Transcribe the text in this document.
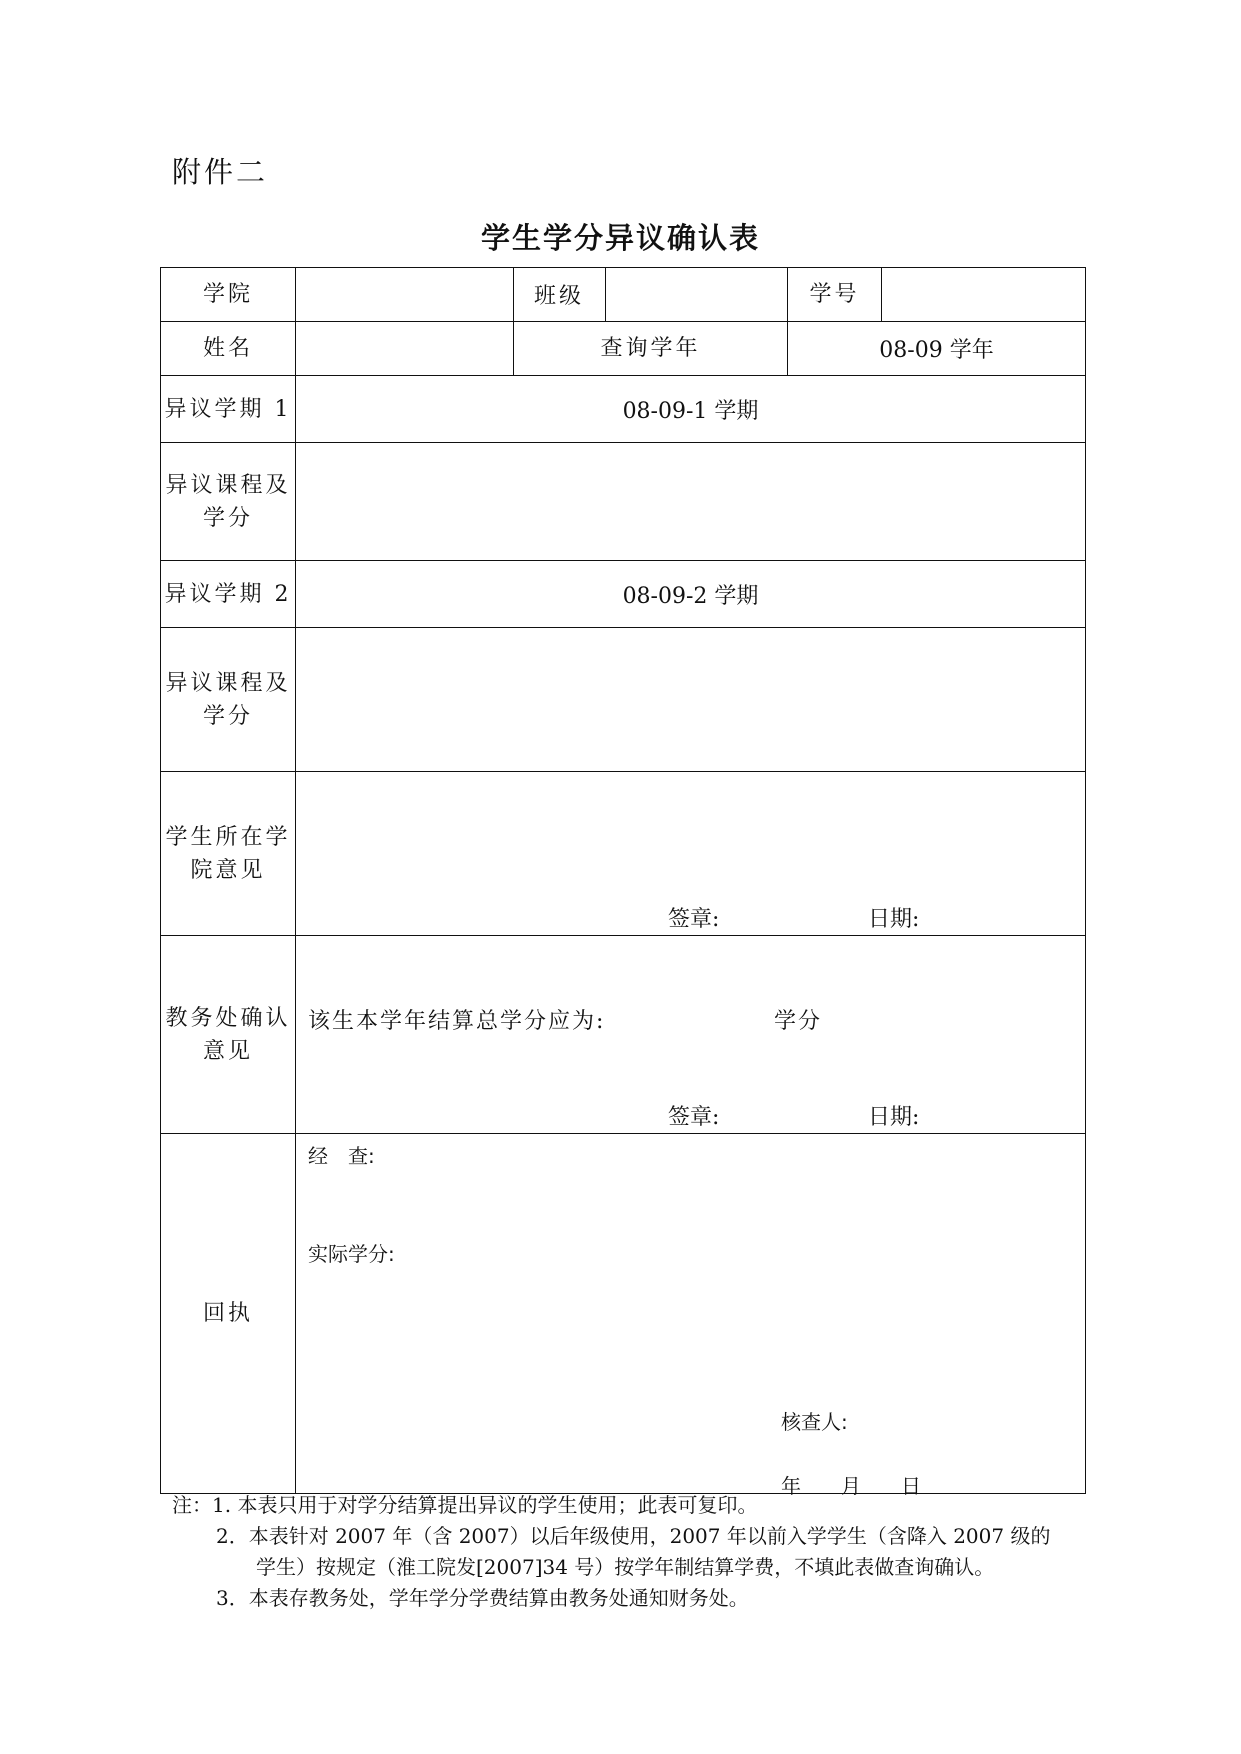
附件二
学生学分异议确认表
学院		班级		学号	
姓名		查询学年		08-09 学年	
异议学期 1	08-09-1 学期				
异议课程及学分					
异议学期 2	08-09-2 学期				
异议课程及学分					
学生所在学院意见	签章: 日期:				

教务处确认意见	该生本学年结算总学分应为: 学分
签章: 日期:				

回执	经　查:
实际学分:
核查人:
年　　月　　日				
注：1. 本表只用于对学分结算提出异议的学生使用；此表可复印。
2．本表针对 2007 年（含 2007）以后年级使用，2007 年以前入学学生（含降入 2007 级的
学生）按规定（淮工院发[2007]34 号）按学年制结算学费，不填此表做查询确认。
3．本表存教务处，学年学分学费结算由教务处通知财务处。
